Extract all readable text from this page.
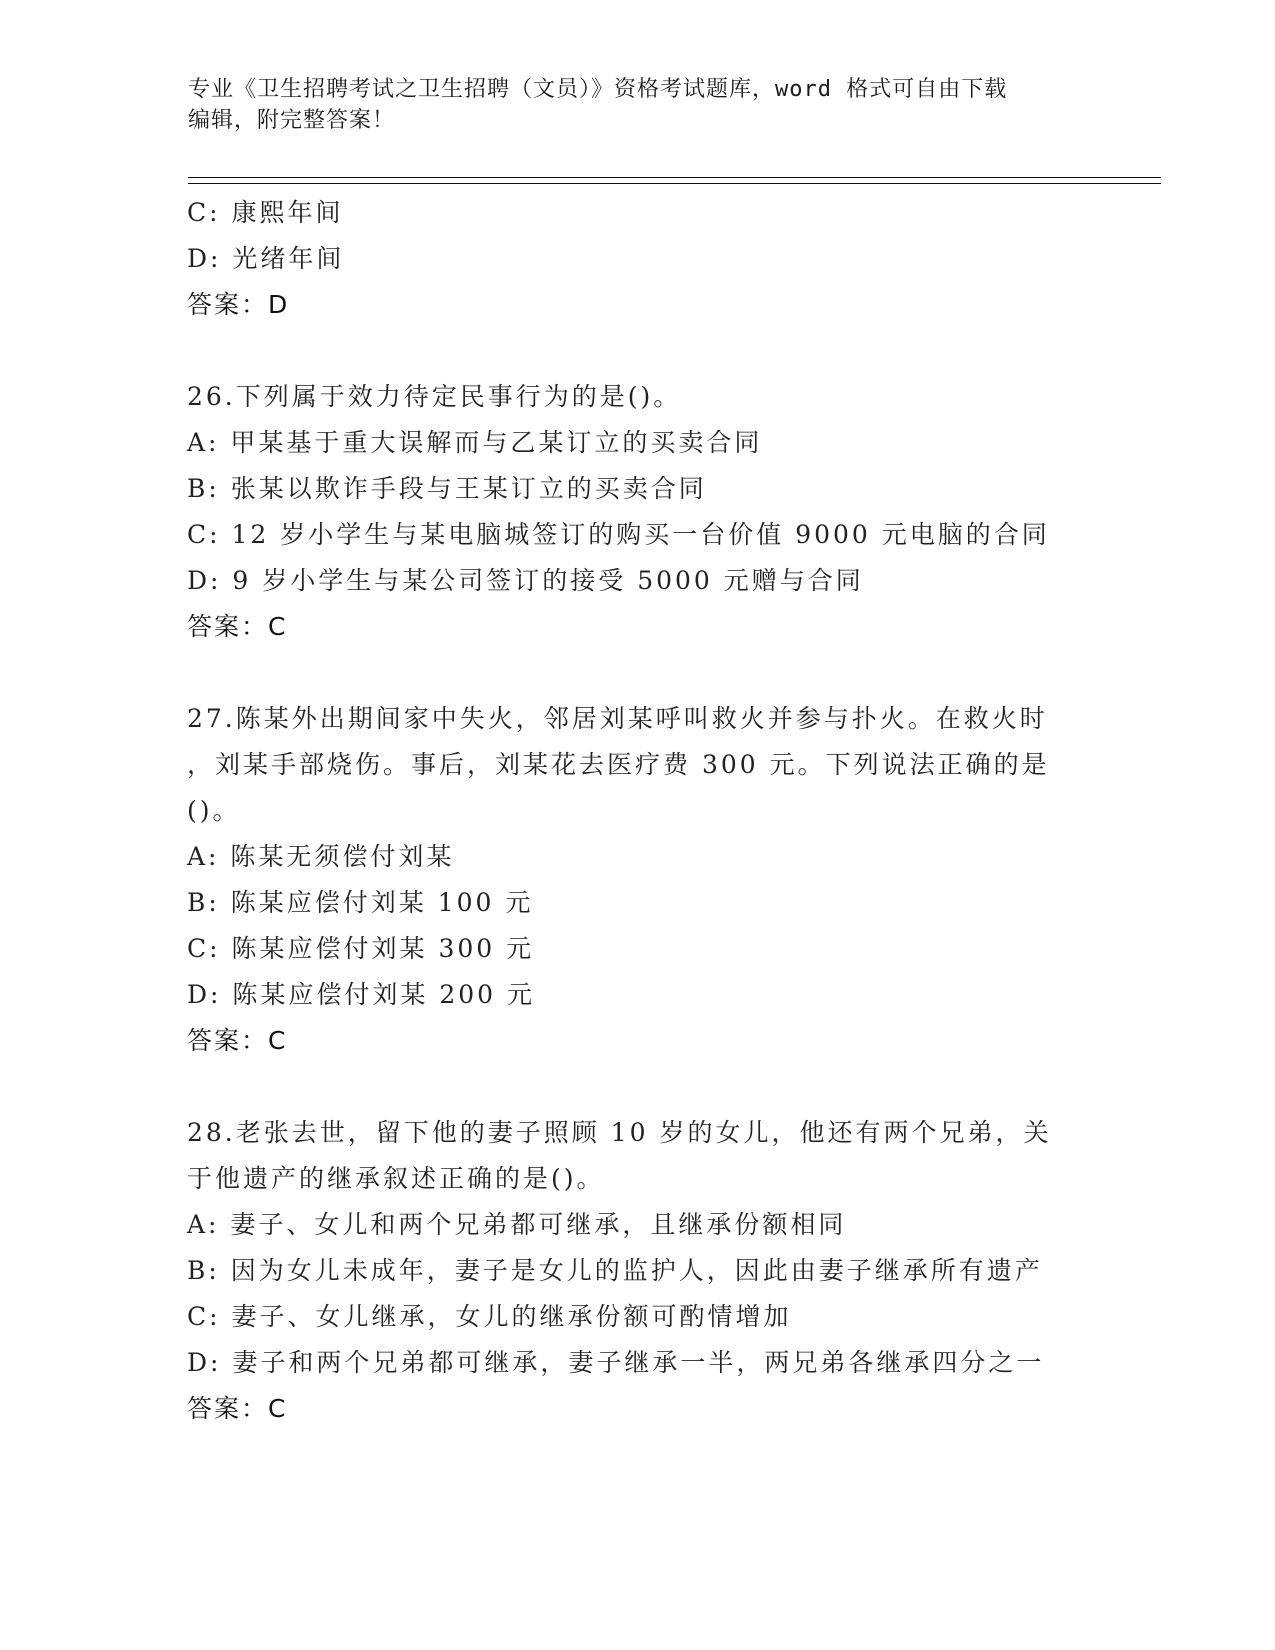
专业《卫生招聘考试之卫生招聘（文员）》资格考试题库，word 格式可自由下载
编辑，附完整答案！
C: 康熙年间
D: 光绪年间
答案：D
26.下列属于效力待定民事行为的是()。
A: 甲某基于重大误解而与乙某订立的买卖合同
B: 张某以欺诈手段与王某订立的买卖合同
C: 12 岁小学生与某电脑城签订的购买一台价值 9000 元电脑的合同
D: 9 岁小学生与某公司签订的接受 5000 元赠与合同
答案：C
27.陈某外出期间家中失火，邻居刘某呼叫救火并参与扑火。在救火时
，刘某手部烧伤。事后，刘某花去医疗费 300 元。下列说法正确的是
()。
A: 陈某无须偿付刘某
B: 陈某应偿付刘某 100 元
C: 陈某应偿付刘某 300 元
D: 陈某应偿付刘某 200 元
答案：C
28.老张去世，留下他的妻子照顾 10 岁的女儿，他还有两个兄弟，关
于他遗产的继承叙述正确的是()。
A: 妻子、女儿和两个兄弟都可继承，且继承份额相同
B: 因为女儿未成年，妻子是女儿的监护人，因此由妻子继承所有遗产
C: 妻子、女儿继承，女儿的继承份额可酌情增加
D: 妻子和两个兄弟都可继承，妻子继承一半，两兄弟各继承四分之一
答案：C
